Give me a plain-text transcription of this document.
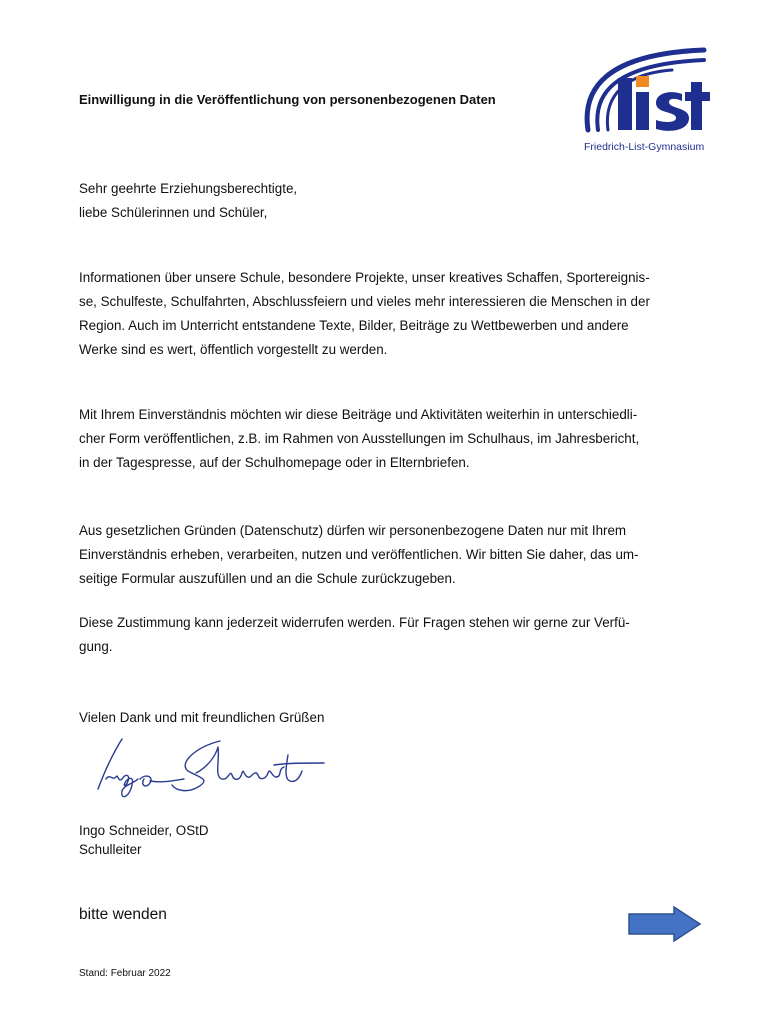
Friedrich-List-Gymnasium

Einwilligung in die Veröffentlichung von personenbezogenen Daten

Sehr geehrte Erziehungsberechtigte,
liebe Schülerinnen und Schüler,
Informationen über unsere Schule, besondere Projekte, unser kreatives Schaffen, Sportereignis-
se, Schulfeste, Schulfahrten, Abschlussfeiern und vieles mehr interessieren die Menschen in der
Region. Auch im Unterricht entstandene Texte, Bilder, Beiträge zu Wettbewerben und andere
Werke sind es wert, öffentlich vorgestellt zu werden.
Mit Ihrem Einverständnis möchten wir diese Beiträge und Aktivitäten weiterhin in unterschiedli-
cher Form veröffentlichen, z.B. im Rahmen von Ausstellungen im Schulhaus, im Jahresbericht,
in der Tagespresse, auf der Schulhomepage oder in Elternbriefen.
Aus gesetzlichen Gründen (Datenschutz) dürfen wir personenbezogene Daten nur mit Ihrem
Einverständnis erheben, verarbeiten, nutzen und veröffentlichen. Wir bitten Sie daher, das um-
seitige Formular auszufüllen und an die Schule zurückzugeben.
Diese Zustimmung kann jederzeit widerrufen werden. Für Fragen stehen wir gerne zur Verfü-
gung.

Vielen Dank und mit freundlichen Grüßen

Ingo Schneider, OStD
Schulleiter

bitte wenden

Stand: Februar 2022
